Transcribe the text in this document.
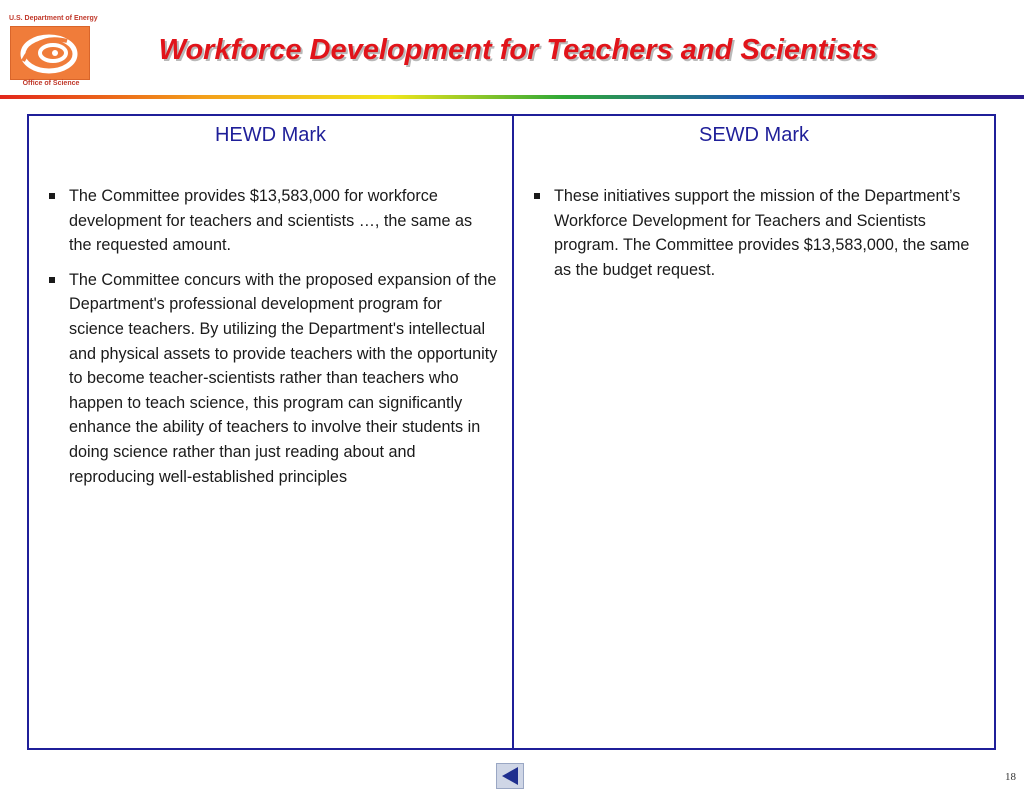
U.S. Department of Energy
Office of Science
Workforce Development for Teachers and Scientists
HEWD Mark
The Committee provides $13,583,000 for workforce development for teachers and scientists …, the same as the requested amount.
The Committee concurs with the proposed expansion of the Department's professional development program for science teachers. By utilizing the Department's intellectual and physical assets to provide teachers with the opportunity to become teacher-scientists rather than teachers who happen to teach science, this program can significantly enhance the ability of teachers to involve their students in doing science rather than just reading about and reproducing well-established principles
SEWD Mark
These initiatives support the mission of the Department’s Workforce Development for Teachers and Scientists program. The Committee provides $13,583,000, the same as the budget request.
18
